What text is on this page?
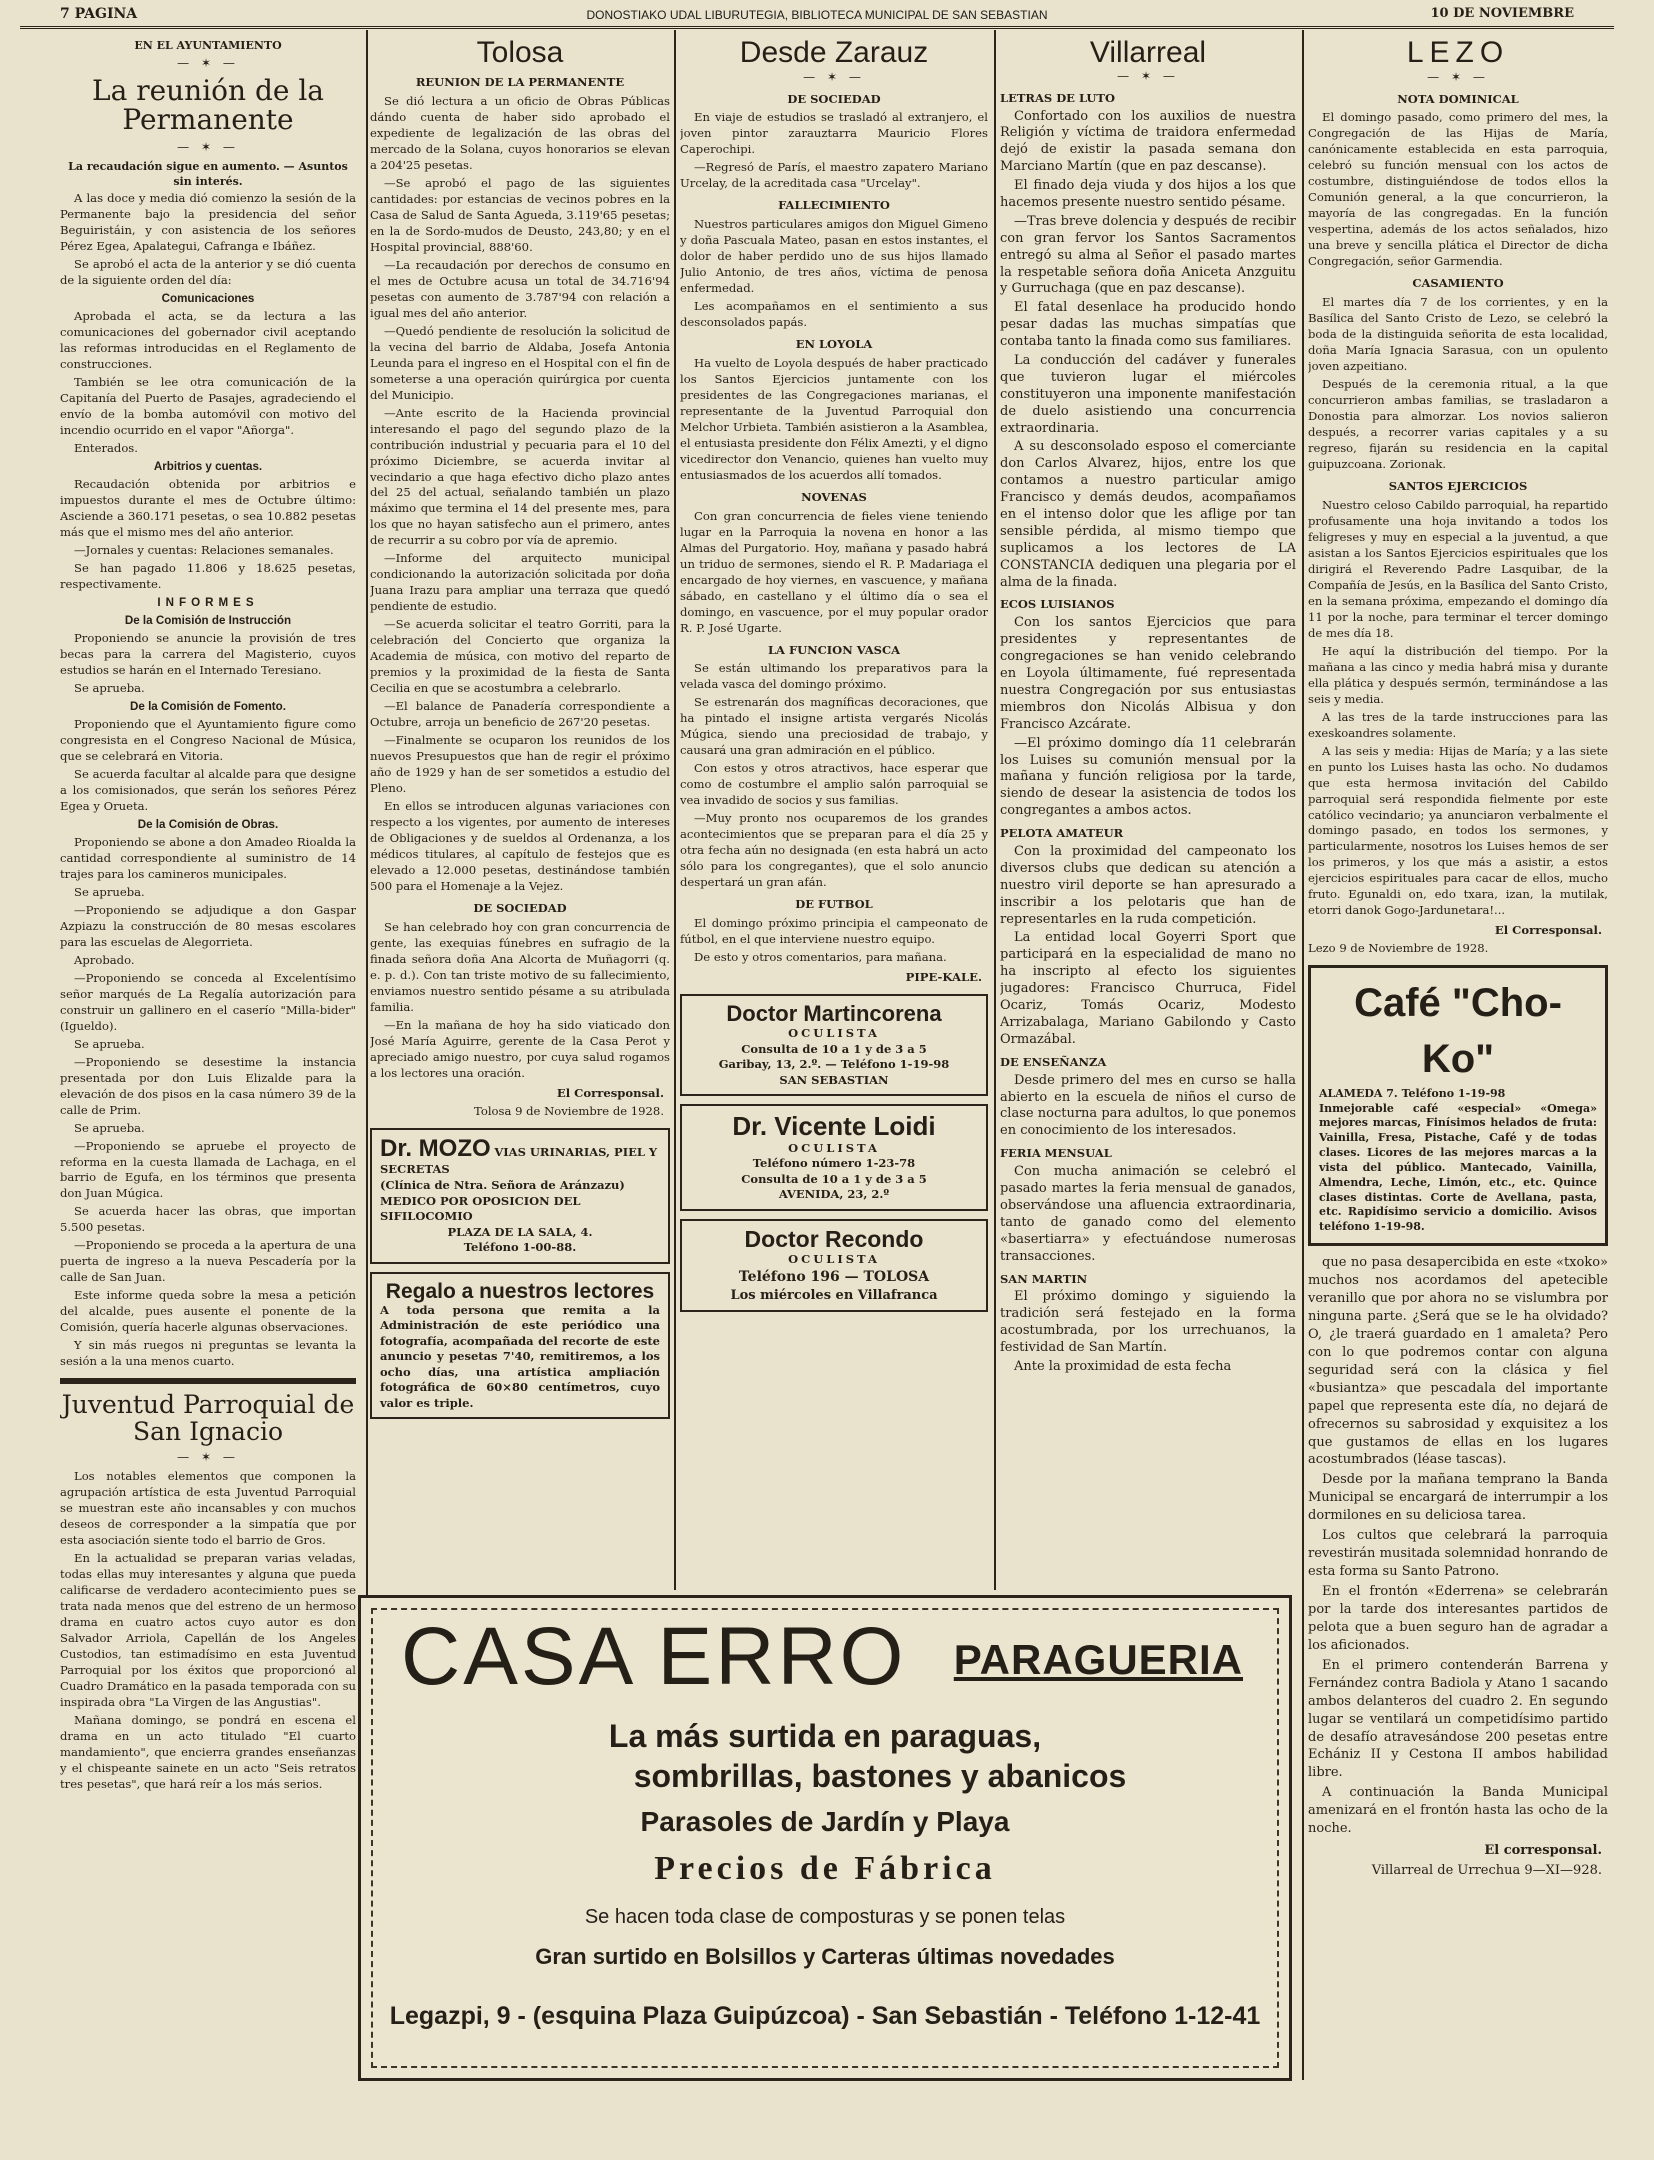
7 PAGINA	DONOSTIAKO UDAL LIBURUTEGIA, BIBLIOTECA MUNICIPAL DE SAN SEBASTIAN	10 DE NOVIEMBRE
EN EL AYUNTAMIENTO
— ✶ —
La reunión de la Permanente
— ✶ —
La recaudación sigue en aumento. — Asuntos sin interés.

A las doce y media dió comienzo la sesión de la Permanente bajo la presidencia del señor Beguiristáin, y con asistencia de los señores Pérez Egea, Apalategui, Cafranga e Ibáñez.

Se aprobó el acta de la anterior y se dió cuenta de la siguiente orden del día:

Comunicaciones

Aprobada el acta, se da lectura a las comunicaciones del gobernador civil aceptando las reformas introducidas en el Reglamento de construcciones.

También se lee otra comunicación de la Capitanía del Puerto de Pasajes, agradeciendo el envío de la bomba automóvil con motivo del incendio ocurrido en el vapor "Añorga".

Enterados.

Arbitrios y cuentas.

Recaudación obtenida por arbitrios e impuestos durante el mes de Octubre último: Asciende a 360.171 pesetas, o sea 10.882 pesetas más que el mismo mes del año anterior.

—Jornales y cuentas: Relaciones semanales.

Se han pagado 11.806 y 18.625 pesetas, respectivamente.

INFORMES
De la Comisión de Instrucción

Proponiendo se anuncie la provisión de tres becas para la carrera del Magisterio, cuyos estudios se harán en el Internado Teresiano.

Se aprueba.

De la Comisión de Fomento.

Proponiendo que el Ayuntamiento figure como congresista en el Congreso Nacional de Música, que se celebrará en Vitoria.

Se acuerda facultar al alcalde para que designe a los comisionados, que serán los señores Pérez Egea y Orueta.

De la Comisión de Obras.

Proponiendo se abone a don Amadeo Rioalda la cantidad correspondiente al suministro de 14 trajes para los camineros municipales.

Se aprueba.

—Proponiendo se adjudique a don Gaspar Azpiazu la construcción de 80 mesas escolares para las escuelas de Alegorrieta.

Aprobado.

—Proponiendo se conceda al Excelentísimo señor marqués de La Regalía autorización para construir un gallinero en el caserío "Milla-bider" (Igueldo).

Se aprueba.

—Proponiendo se desestime la instancia presentada por don Luis Elizalde para la elevación de dos pisos en la casa número 39 de la calle de Prim.

Se aprueba.

—Proponiendo se apruebe el proyecto de reforma en la cuesta llamada de Lachaga, en el barrio de Egufa, en los términos que presenta don Juan Múgica.

Se acuerda hacer las obras, que importan 5.500 pesetas.

—Proponiendo se proceda a la apertura de una puerta de ingreso a la nueva Pescadería por la calle de San Juan.

Este informe queda sobre la mesa a petición del alcalde, pues ausente el ponente de la Comisión, quería hacerle algunas observaciones.

Y sin más ruegos ni preguntas se levanta la sesión a la una menos cuarto.

Juventud Parroquial de San Ignacio
— ✶ —

Los notables elementos que componen la agrupación artística de esta Juventud Parroquial se muestran este año incansables y con muchos deseos de corresponder a la simpatía que por esta asociación siente todo el barrio de Gros.

En la actualidad se preparan varias veladas, todas ellas muy interesantes y alguna que pueda calificarse de verdadero acontecimiento pues se trata nada menos que del estreno de un hermoso drama en cuatro actos cuyo autor es don Salvador Arriola, Capellán de los Angeles Custodios, tan estimadísimo en esta Juventud Parroquial por los éxitos que proporcionó al Cuadro Dramático en la pasada temporada con su inspirada obra "La Virgen de las Angustias".

Mañana domingo, se pondrá en escena el drama en un acto titulado "El cuarto mandamiento", que encierra grandes enseñanzas y el chispeante sainete en un acto "Seis retratos tres pesetas", que hará reír a los más serios.

Tolosa
REUNION DE LA PERMANENTE

Se dió lectura a un oficio de Obras Públicas dándo cuenta de haber sido aprobado el expediente de legalización de las obras del mercado de la Solana, cuyos honorarios se elevan a 204'25 pesetas.

—Se aprobó el pago de las siguientes cantidades: por estancias de vecinos pobres en la Casa de Salud de Santa Agueda, 3.119'65 pesetas; en la de Sordo-mudos de Deusto, 243,80; y en el Hospital provincial, 888'60.

—La recaudación por derechos de consumo en el mes de Octubre acusa un total de 34.716'94 pesetas con aumento de 3.787'94 con relación a igual mes del año anterior.

—Quedó pendiente de resolución la solicitud de la vecina del barrio de Aldaba, Josefa Antonia Leunda para el ingreso en el Hospital con el fin de someterse a una operación quirúrgica por cuenta del Municipio.

—Ante escrito de la Hacienda provincial interesando el pago del segundo plazo de la contribución industrial y pecuaria para el 10 del próximo Diciembre, se acuerda invitar al vecindario a que haga efectivo dicho plazo antes del 25 del actual, señalando también un plazo máximo que termina el 14 del presente mes, para los que no hayan satisfecho aun el primero, antes de recurrir a su cobro por vía de apremio.

—Informe del arquitecto municipal condicionando la autorización solicitada por doña Juana Irazu para ampliar una terraza que quedó pendiente de estudio.

—Se acuerda solicitar el teatro Gorriti, para la celebración del Concierto que organiza la Academia de música, con motivo del reparto de premios y la proximidad de la fiesta de Santa Cecilia en que se acostumbra a celebrarlo.

—El balance de Panadería correspondiente a Octubre, arroja un beneficio de 267'20 pesetas.

—Finalmente se ocuparon los reunidos de los nuevos Presupuestos que han de regir el próximo año de 1929 y han de ser sometidos a estudio del Pleno.

En ellos se introducen algunas variaciones con respecto a los vigentes, por aumento de intereses de Obligaciones y de sueldos al Ordenanza, a los médicos titulares, al capítulo de festejos que es elevado a 12.000 pesetas, destinándose también 500 para el Homenaje a la Vejez.

DE SOCIEDAD

Se han celebrado hoy con gran concurrencia de gente, las exequias fúnebres en sufragio de la finada señora doña Ana Alcorta de Muñagorri (q. e. p. d.). Con tan triste motivo de su fallecimiento, enviamos nuestro sentido pésame a su atribulada familia.

—En la mañana de hoy ha sido viaticado don José María Aguirre, gerente de la Casa Perot y apreciado amigo nuestro, por cuya salud rogamos a los lectores una oración.

El Corresponsal.
Tolosa 9 de Noviembre de 1928.
Dr. MOZO VIAS URINARIAS, PIEL Y SECRETAS
(Clínica de Ntra. Señora de Aránzazu)
MEDICO POR OPOSICION DEL SIFILOCOMIO
PLAZA DE LA SALA, 4.
Teléfono 1-00-88.
Regalo a nuestros lectores
A toda persona que remita a la Administración de este periódico una fotografía, acompañada del recorte de este anuncio y pesetas 7'40, remitiremos, a los ocho días, una artística ampliación fotográfica de 60×80 centímetros, cuyo valor es triple.
Desde Zarauz
— ✶ —
DE SOCIEDAD

En viaje de estudios se trasladó al extranjero, el joven pintor zarauztarra Mauricio Flores Caperochipi.

—Regresó de París, el maestro zapatero Mariano Urcelay, de la acreditada casa "Urcelay".

FALLECIMIENTO

Nuestros particulares amigos don Miguel Gimeno y doña Pascuala Mateo, pasan en estos instantes, el dolor de haber perdido uno de sus hijos llamado Julio Antonio, de tres años, víctima de penosa enfermedad.

Les acompañamos en el sentimiento a sus desconsolados papás.

EN LOYOLA

Ha vuelto de Loyola después de haber practicado los Santos Ejercicios juntamente con los presidentes de las Congregaciones marianas, el representante de la Juventud Parroquial don Melchor Urbieta. También asistieron a la Asamblea, el entusiasta presidente don Félix Amezti, y el digno vicedirector don Venancio, quienes han vuelto muy entusiasmados de los acuerdos allí tomados.

NOVENAS

Con gran concurrencia de fieles viene teniendo lugar en la Parroquia la novena en honor a las Almas del Purgatorio. Hoy, mañana y pasado habrá un triduo de sermones, siendo el R. P. Madariaga el encargado de hoy viernes, en vascuence, y mañana sábado, en castellano y el último día o sea el domingo, en vascuence, por el muy popular orador R. P. José Ugarte.

LA FUNCION VASCA

Se están ultimando los preparativos para la velada vasca del domingo próximo.

Se estrenarán dos magníficas decoraciones, que ha pintado el insigne artista vergarés Nicolás Múgica, siendo una preciosidad de trabajo, y causará una gran admiración en el público.

Con estos y otros atractivos, hace esperar que como de costumbre el amplio salón parroquial se vea invadido de socios y sus familias.

—Muy pronto nos ocuparemos de los grandes acontecimientos que se preparan para el día 25 y otra fecha aún no designada (en esta habrá un acto sólo para los congregantes), que el solo anuncio despertará un gran afán.

DE FUTBOL

El domingo próximo principia el campeonato de fútbol, en el que interviene nuestro equipo.

De esto y otros comentarios, para mañana.

PIPE-KALE.
Doctor Martincorena
OCULISTA
Consulta de 10 a 1 y de 3 a 5
Garibay, 13, 2.º. — Teléfono 1-19-98
SAN SEBASTIAN
Dr. Vicente Loidi
OCULISTA
Teléfono número 1-23-78
Consulta de 10 a 1 y de 3 a 5
AVENIDA, 23, 2.º
Doctor Recondo
OCULISTA
Teléfono 196 — TOLOSA
Los miércoles en Villafranca
Villarreal
— ✶ —
LETRAS DE LUTO

Confortado con los auxilios de nuestra Religión y víctima de traidora enfermedad dejó de existir la pasada semana don Marciano Martín (que en paz descanse).

El finado deja viuda y dos hijos a los que hacemos presente nuestro sentido pésame.

—Tras breve dolencia y después de recibir con gran fervor los Santos Sacramentos entregó su alma al Señor el pasado martes la respetable señora doña Aniceta Anzguitu y Gurruchaga (que en paz descanse).

El fatal desenlace ha producido hondo pesar dadas las muchas simpatías que contaba tanto la finada como sus familiares.

La conducción del cadáver y funerales que tuvieron lugar el miércoles constituyeron una imponente manifestación de duelo asistiendo una concurrencia extraordinaria.

A su desconsolado esposo el comerciante don Carlos Alvarez, hijos, entre los que contamos a nuestro particular amigo Francisco y demás deudos, acompañamos en el intenso dolor que les aflige por tan sensible pérdida, al mismo tiempo que suplicamos a los lectores de LA CONSTANCIA dediquen una plegaria por el alma de la finada.

ECOS LUISIANOS

Con los santos Ejercicios que para presidentes y representantes de congregaciones se han venido celebrando en Loyola últimamente, fué representada nuestra Congregación por sus entusiastas miembros don Nicolás Albisua y don Francisco Azcárate.

—El próximo domingo día 11 celebrarán los Luises su comunión mensual por la mañana y función religiosa por la tarde, siendo de desear la asistencia de todos los congregantes a ambos actos.

PELOTA AMATEUR

Con la proximidad del campeonato los diversos clubs que dedican su atención a nuestro viril deporte se han apresurado a inscribir a los pelotaris que han de representarles en la ruda competición.

La entidad local Goyerri Sport que participará en la especialidad de mano no ha inscripto al efecto los siguientes jugadores: Francisco Churruca, Fidel Ocariz, Tomás Ocariz, Modesto Arrizabalaga, Mariano Gabilondo y Casto Ormazábal.

DE ENSEÑANZA

Desde primero del mes en curso se halla abierto en la escuela de niños el curso de clase nocturna para adultos, lo que ponemos en conocimiento de los interesados.

FERIA MENSUAL

Con mucha animación se celebró el pasado martes la feria mensual de ganados, observándose una afluencia extraordinaria, tanto de ganado como del elemento «basertiarra» y efectuándose numerosas transacciones.

SAN MARTIN

El próximo domingo y siguiendo la tradición será festejado en la forma acostumbrada, por los urrechuanos, la festividad de San Martín.

Ante la proximidad de esta fecha

LEZO
— ✶ —
NOTA DOMINICAL

El domingo pasado, como primero del mes, la Congregación de las Hijas de María, canónicamente establecida en esta parroquia, celebró su función mensual con los actos de costumbre, distinguiéndose de todos ellos la Comunión general, a la que concurrieron, la mayoría de las congregadas. En la función vespertina, además de los actos señalados, hizo una breve y sencilla plática el Director de dicha Congregación, señor Garmendia.

CASAMIENTO

El martes día 7 de los corrientes, y en la Basílica del Santo Cristo de Lezo, se celebró la boda de la distinguida señorita de esta localidad, doña María Ignacia Sarasua, con un opulento joven azpeitiano.

Después de la ceremonia ritual, a la que concurrieron ambas familias, se trasladaron a Donostia para almorzar. Los novios salieron después, a recorrer varias capitales y a su regreso, fijarán su residencia en la capital guipuzcoana. Zorionak.

SANTOS EJERCICIOS

Nuestro celoso Cabildo parroquial, ha repartido profusamente una hoja invitando a todos los feligreses y muy en especial a la juventud, a que asistan a los Santos Ejercicios espirituales que los dirigirá el Reverendo Padre Lasquibar, de la Compañía de Jesús, en la Basílica del Santo Cristo, en la semana próxima, empezando el domingo día 11 por la noche, para terminar el tercer domingo de mes día 18.

He aquí la distribución del tiempo. Por la mañana a las cinco y media habrá misa y durante ella plática y después sermón, terminándose a las seis y media.

A las tres de la tarde instrucciones para las exeskoandres solamente.

A las seis y media: Hijas de María; y a las siete en punto los Luises hasta las ocho. No dudamos que esta hermosa invitación del Cabildo parroquial será respondida fielmente por este católico vecindario; ya anunciaron verbalmente el domingo pasado, en todos los sermones, y particularmente, nosotros los Luises hemos de ser los primeros, y los que más a asistir, a estos ejercicios espirituales para cacar de ellos, mucho fruto. Egunaldi on, edo txara, izan, la mutilak, etorri danok Gogo-Jardunetara!...

El Corresponsal.
Lezo 9 de Noviembre de 1928.
Café "Cho-Ko"
ALAMEDA 7. Teléfono 1-19-98
Inmejorable café «especial» «Omega» mejores marcas, Finísimos helados de fruta: Vainilla, Fresa, Pistache, Café y de todas clases. Licores de las mejores marcas a la vista del público. Mantecado, Vainilla, Almendra, Leche, Limón, etc., etc. Quince clases distintas. Corte de Avellana, pasta, etc. Rapidísimo servicio a domicilio. Avisos teléfono 1-19-98.

que no pasa desapercibida en este «txoko» muchos nos acordamos del apetecible veranillo que por ahora no se vislumbra por ninguna parte. ¿Será que se le ha olvidado? O, ¿le traerá guardado en 1 amaleta? Pero con lo que podremos contar con alguna seguridad será con la clásica y fiel «busiantza» que pescadala del importante papel que representa este día, no dejará de ofrecernos su sabrosidad y exquisitez a los que gustamos de ellas en los lugares acostumbrados (léase tascas).

Desde por la mañana temprano la Banda Municipal se encargará de interrumpir a los dormilones en su deliciosa tarea.

Los cultos que celebrará la parroquia revestirán musitada solemnidad honrando de esta forma su Santo Patrono.

En el frontón «Ederrena» se celebrarán por la tarde dos interesantes partidos de pelota que a buen seguro han de agradar a los aficionados.

En el primero contenderán Barrena y Fernández contra Badiola y Atano 1 sacando ambos delanteros del cuadro 2. En segundo lugar se ventilará un competidísimo partido de desafío atravesándose 200 pesetas entre Echániz II y Cestona II ambos habilidad libre.

A continuación la Banda Municipal amenizará en el frontón hasta las ocho de la noche.

El corresponsal.
Villarreal de Urrechua 9—XI—928.
CASA ERRO PARAGUERIA
La más surtida en paraguas,
sombrillas, bastones y abanicos
Parasoles de Jardín y Playa
Precios de Fábrica
Se hacen toda clase de composturas y se ponen telas
Gran surtido en Bolsillos y Carteras últimas novedades
Legazpi, 9 - (esquina Plaza Guipúzcoa) - San Sebastián - Teléfono 1-12-41
